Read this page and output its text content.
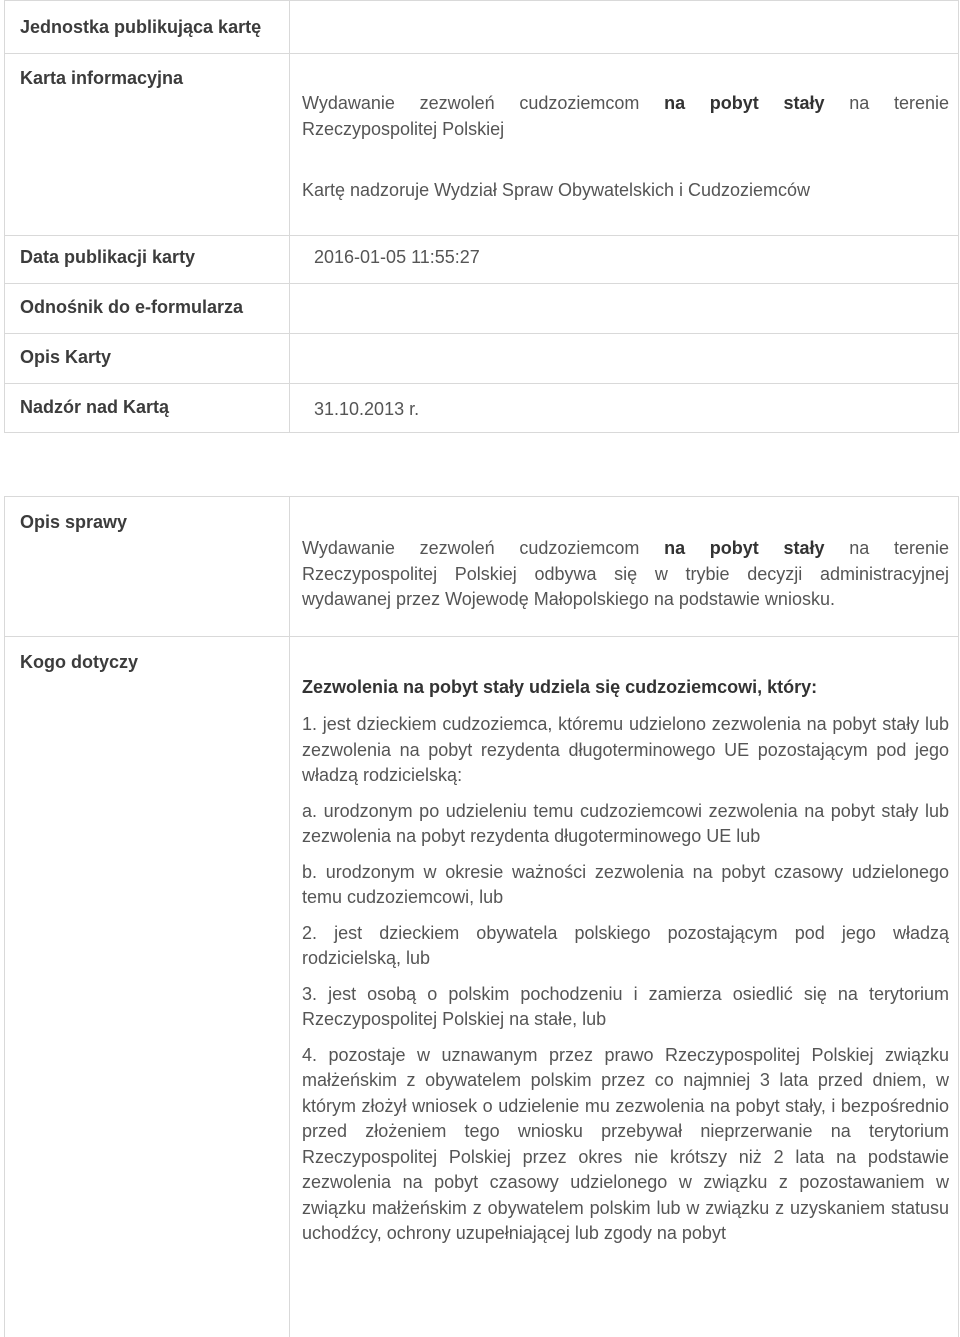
Jednostka publikująca kartę
Karta informacyjna
Wydawanie zezwoleń cudzoziemcom na pobyt stały na terenie Rzeczypospolitej Polskiej
Kartę nadzoruje Wydział Spraw Obywatelskich i Cudzoziemców
Data publikacji karty	2016-01-05 11:55:27
Odnośnik do e-formularza
Opis Karty
Nadzór nad Kartą	31.10.2013 r.
Opis sprawy
Wydawanie zezwoleń cudzoziemcom na pobyt stały na terenie Rzeczypospolitej Polskiej odbywa się w trybie decyzji administracyjnej wydawanej przez Wojewodę Małopolskiego na podstawie wniosku.
Kogo dotyczy
Zezwolenia na pobyt stały udziela się cudzoziemcowi, który:

1. jest dzieckiem cudzoziemca, któremu udzielono zezwolenia na pobyt stały lub zezwolenia na pobyt rezydenta długoterminowego UE pozostającym pod jego władzą rodzicielską:

a. urodzonym po udzieleniu temu cudzoziemcowi zezwolenia na pobyt stały lub zezwolenia na pobyt rezydenta długoterminowego UE lub

b. urodzonym w okresie ważności zezwolenia na pobyt czasowy udzielonego temu cudzoziemcowi, lub

2. jest dzieckiem obywatela polskiego pozostającym pod jego władzą rodzicielską, lub

3. jest osobą o polskim pochodzeniu i zamierza osiedlić się na terytorium Rzeczypospolitej Polskiej na stałe, lub

4. pozostaje w uznawanym przez prawo Rzeczypospolitej Polskiej związku małżeńskim z obywatelem polskim przez co najmniej 3 lata przed dniem, w którym złożył wniosek o udzielenie mu zezwolenia na pobyt stały, i bezpośrednio przed złożeniem tego wniosku przebywał nieprzerwanie na terytorium Rzeczypospolitej Polskiej przez okres nie krótszy niż 2 lata na podstawie zezwolenia na pobyt czasowy udzielonego w związku z pozostawaniem w związku małżeńskim z obywatelem polskim lub w związku z uzyskaniem statusu uchodźcy, ochrony uzupełniającej lub zgody na pobyt
